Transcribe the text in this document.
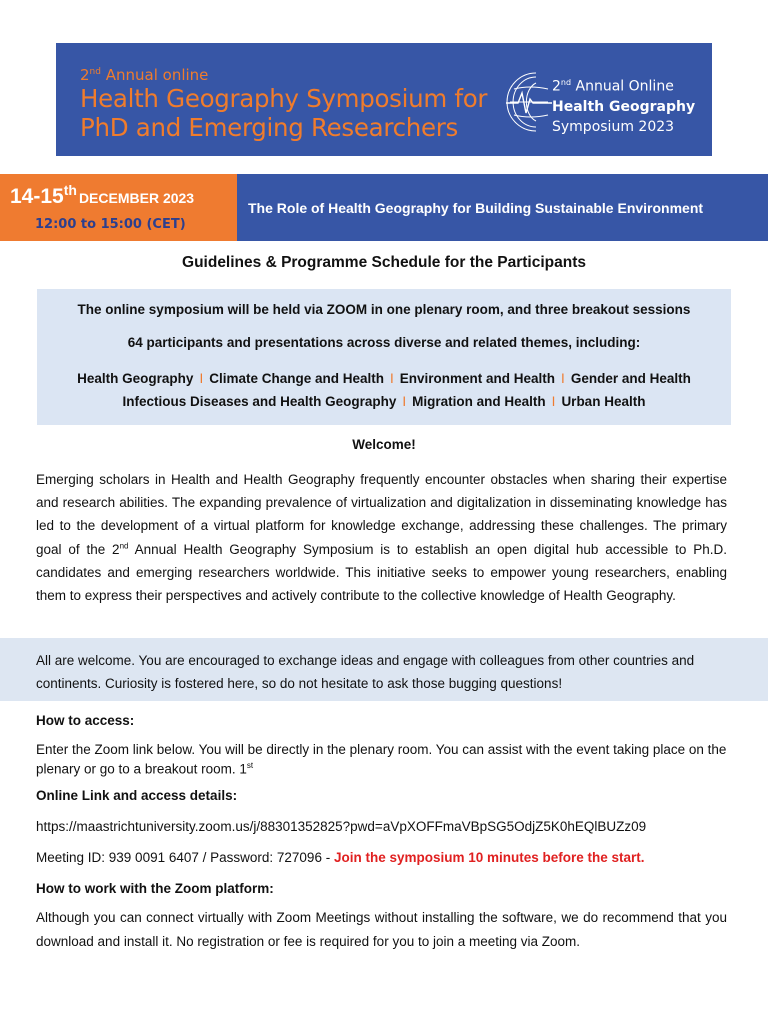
2nd Annual online
Health Geography Symposium for
PhD and Emerging Researchers
2nd Annual Online
Health Geography
Symposium 2023
14-15th DECEMBER 2023
12:00 to 15:00 (CET)
The Role of Health Geography for Building Sustainable Environment
Guidelines & Programme Schedule for the Participants
The online symposium will be held via ZOOM in one plenary room, and three breakout sessions
64 participants and presentations across diverse and related themes, including:
Health Geography I Climate Change and Health I Environment and Health I Gender and Health
Infectious Diseases and Health Geography I Migration and Health I Urban Health
Welcome!
Emerging scholars in Health and Health Geography frequently encounter obstacles when sharing their expertise and research abilities. The expanding prevalence of virtualization and digitalization in disseminating knowledge has led to the development of a virtual platform for knowledge exchange, addressing these challenges. The primary goal of the 2nd Annual Health Geography Symposium is to establish an open digital hub accessible to Ph.D. candidates and emerging researchers worldwide. This initiative seeks to empower young researchers, enabling them to express their perspectives and actively contribute to the collective knowledge of Health Geography.
All are welcome. You are encouraged to exchange ideas and engage with colleagues from other countries and continents. Curiosity is fostered here, so do not hesitate to ask those bugging questions!
How to access:
Enter the Zoom link below. You will be directly in the plenary room. You can assist with the event taking place on the plenary or go to a breakout room. 1st
Online Link and access details:
https://maastrichtuniversity.zoom.us/j/88301352825?pwd=aVpXOFFmaVBpSG5OdjZ5K0hEQlBUZz09
Meeting ID: 939 0091 6407 / Password: 727096 - Join the symposium 10 minutes before the start.
How to work with the Zoom platform:
Although you can connect virtually with Zoom Meetings without installing the software, we do recommend that you download and install it. No registration or fee is required for you to join a meeting via Zoom.
